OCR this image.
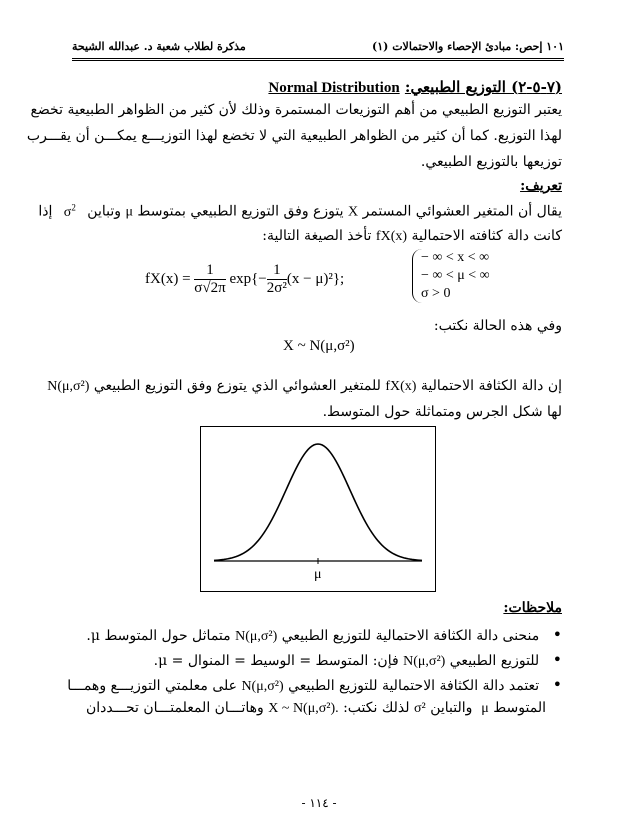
١٠١ إحص: مبادئ الإحصاء والاحتمالات (١)
مذكرة لطلاب شعبة د. عبدالله الشيحة
(٧-٥-٢) التوزيع الطبيعي: Normal Distribution
يعتبر التوزيع الطبيعي من أهم التوزيعات المستمرة وذلك لأن كثير من الظواهر الطبيعية تخضع
لهذا التوزيع. كما أن كثير من الظواهر الطبيعية التي لا تخضع لهذا التوزيـــع يمكـــن أن يقـــرب
توزيعها بالتوزيع الطبيعي.
تعريف:
يقال أن المتغير العشوائي المستمر X يتوزع وفق التوزيع الطبيعي بمتوسط μ وتباين   $\sigma^2$   إذا
كانت دالة كثافته الاحتمالية fX(x) تأخذ الصيغة التالية:
$fX(x) = \frac{1}{\sigma√2\pi} \exp\{- \frac{1}{\text{2σ²}} (x - \mu)^2\}$;
− ∞ < x < ∞
− ∞ < μ < ∞
σ > 0
وفي هذه الحالة نكتب:
X ~ N(μ,σ²)
إن دالة الكثافة الاحتمالية fX(x) للمتغير العشوائي الذي يتوزع وفق التوزيع الطبيعي N(μ,σ²)
لها شكل الجرس ومتماثلة حول المتوسط.
μ
ملاحظات:
•   منحنى دالة الكثافة الاحتمالية للتوزيع الطبيعي N(μ,σ²) متماثل حول المتوسط μ.
•   للتوزيع الطبيعي N(μ,σ²) فإن: المتوسط = الوسيط = المنوال = μ.
•   تعتمد دالة الكثافة الاحتمالية للتوزيع الطبيعي N(μ,σ²) على معلمتي التوزيـــع وهمـــا
المتوسط μ  والتباين σ² لذلك نكتب: X ~ N(μ,σ²). وهاتـــان المعلمتـــان تحـــددان
- ١١٤ -
